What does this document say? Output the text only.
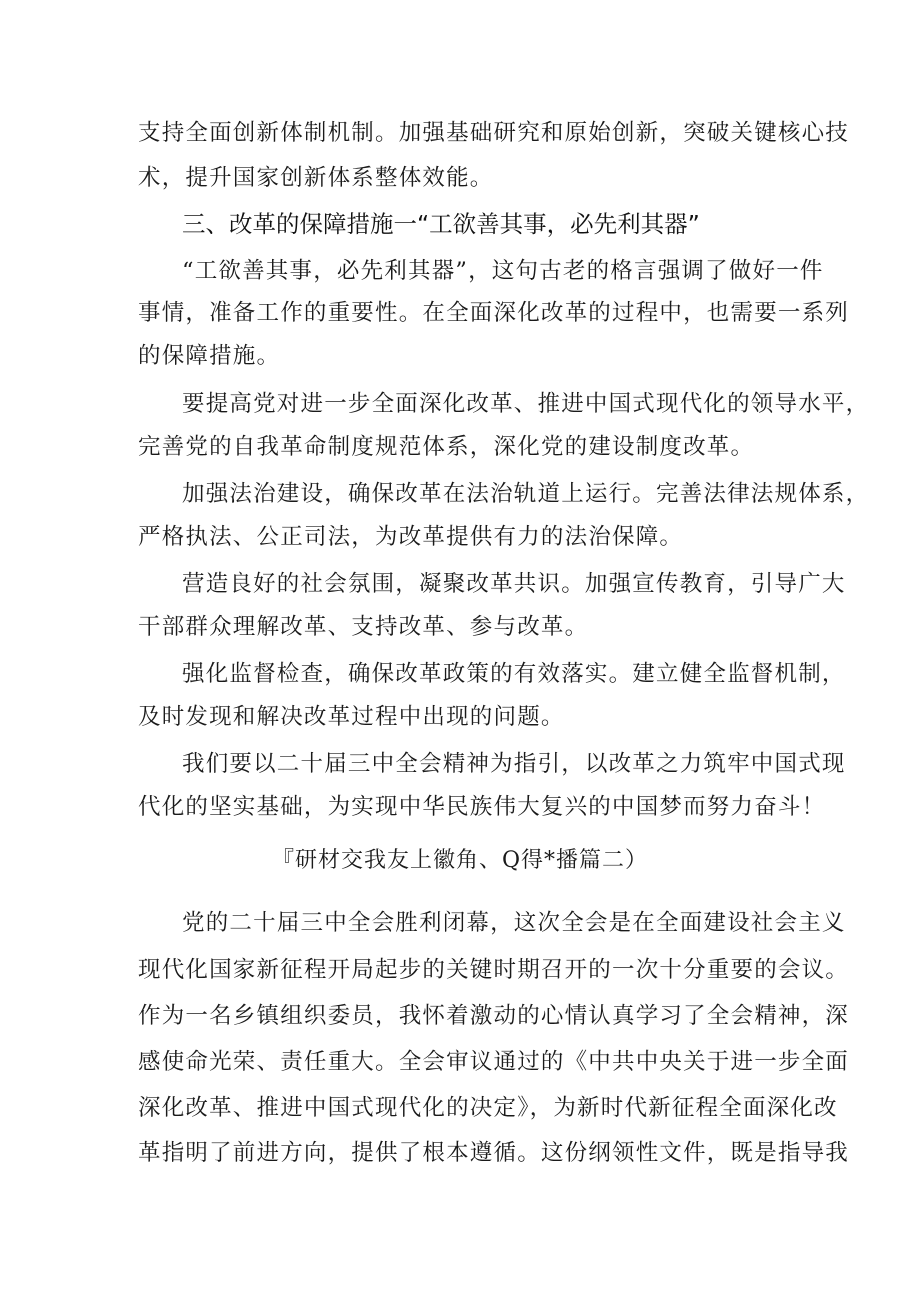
支持全面创新体制机制。加强基础研究和原始创新，突破关键核心技
术，提升国家创新体系整体效能。
三、改革的保障措施一“工欲善其事，必先利其器”
“工欲善其事，必先利其器”，这句古老的格言强调了做好一件
事情，准备工作的重要性。在全面深化改革的过程中，也需要一系列
的保障措施。
要提高党对进一步全面深化改革、推进中国式现代化的领导水平，
完善党的自我革命制度规范体系，深化党的建设制度改革。
加强法治建设，确保改革在法治轨道上运行。完善法律法规体系，
严格执法、公正司法，为改革提供有力的法治保障。
营造良好的社会氛围，凝聚改革共识。加强宣传教育，引导广大
干部群众理解改革、支持改革、参与改革。
强化监督检查，确保改革政策的有效落实。建立健全监督机制，
及时发现和解决改革过程中出现的问题。
我们要以二十届三中全会精神为指引，以改革之力筑牢中国式现
代化的坚实基础，为实现中华民族伟大复兴的中国梦而努力奋斗！
『研材交我友上徽角、Q得*播篇二）
党的二十届三中全会胜利闭幕，这次全会是在全面建设社会主义
现代化国家新征程开局起步的关键时期召开的一次十分重要的会议。
作为一名乡镇组织委员，我怀着激动的心情认真学习了全会精神，深
感使命光荣、责任重大。全会审议通过的《中共中央关于进一步全面
深化改革、推进中国式现代化的决定》，为新时代新征程全面深化改
革指明了前进方向，提供了根本遵循。这份纲领性文件，既是指导我
